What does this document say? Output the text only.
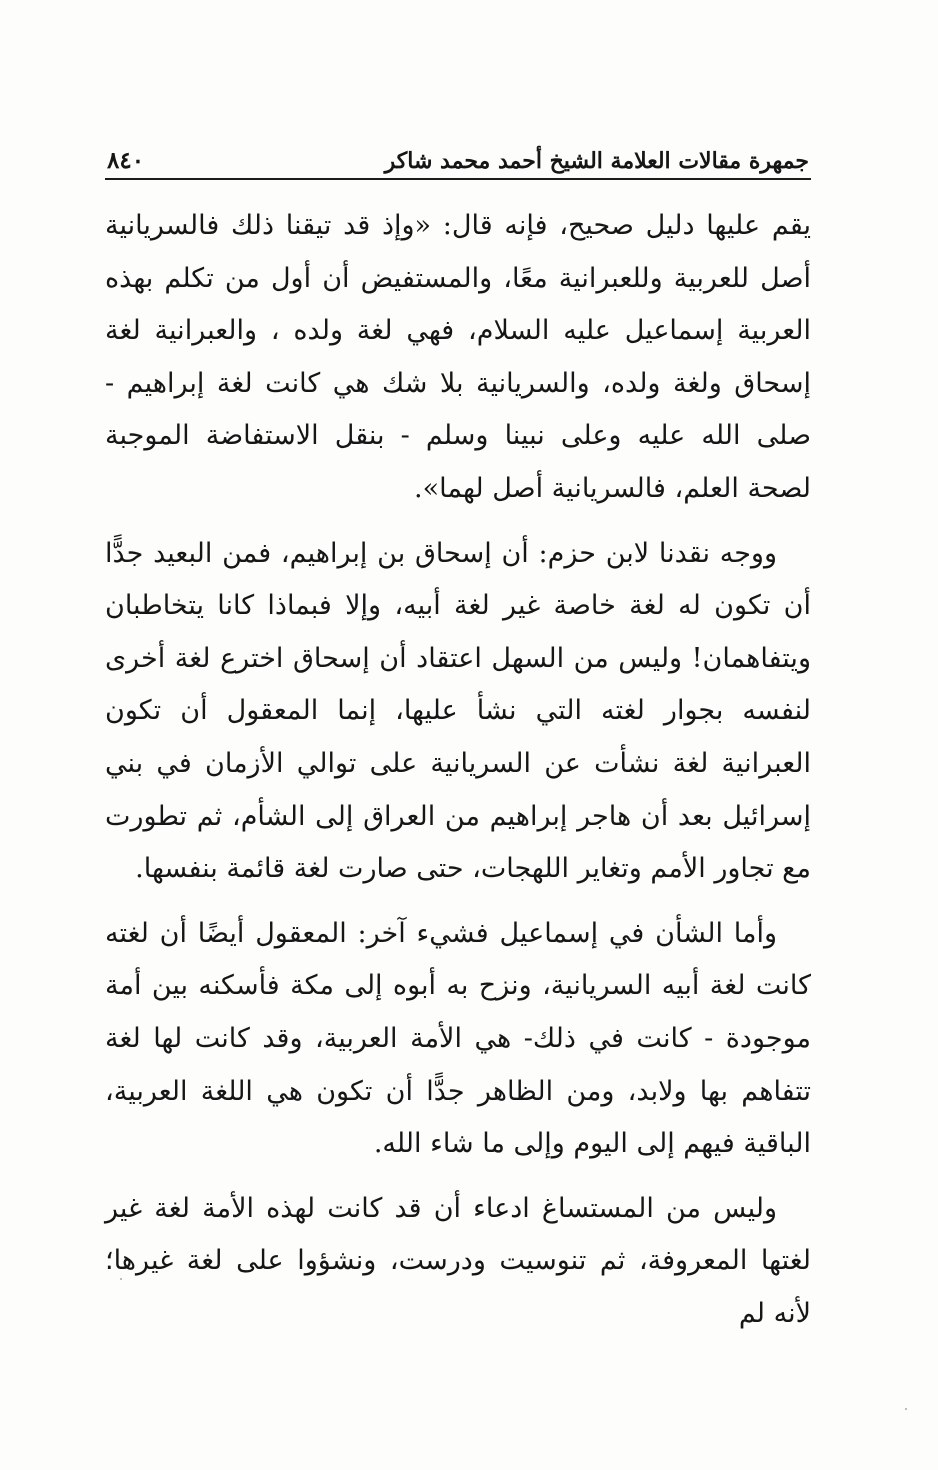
جمهرة مقالات العلامة الشيخ أحمد محمد شاكر
٨٤٠

يقم عليها دليل صحيح، فإنه قال: «وإذ قد تيقنا ذلك فالسريانية أصل للعربية وللعبرانية معًا، والمستفيض أن أول من تكلم بهذه العربية إسماعيل عليه السلام، فهي لغة ولده ، والعبرانية لغة إسحاق ولغة ولده، والسريانية بلا شك هي كانت لغة إبراهيم - صلى الله عليه وعلى نبينا وسلم - بنقل الاستفاضة الموجبة لصحة العلم، فالسريانية أصل لهما».

ووجه نقدنا لابن حزم: أن إسحاق بن إبراهيم، فمن البعيد جدًّا أن تكون له لغة خاصة غير لغة أبيه، وإلا فبماذا كانا يتخاطبان ويتفاهمان! وليس من السهل اعتقاد أن إسحاق اخترع لغة أخرى لنفسه بجوار لغته التي نشأ عليها، إنما المعقول أن تكون العبرانية لغة نشأت عن السريانية على توالي الأزمان في بني إسرائيل بعد أن هاجر إبراهيم من العراق إلى الشأم، ثم تطورت مع تجاور الأمم وتغاير اللهجات، حتى صارت لغة قائمة بنفسها.

وأما الشأن في إسماعيل فشيء آخر: المعقول أيضًا أن لغته كانت لغة أبيه السريانية، ونزح به أبوه إلى مكة فأسكنه بين أمة موجودة - كانت في ذلك- هي الأمة العربية، وقد كانت لها لغة تتفاهم بها ولابد، ومن الظاهر جدًّا أن تكون هي اللغة العربية، الباقية فيهم إلى اليوم وإلى ما شاء الله.

وليس من المستساغ ادعاء أن قد كانت لهذه الأمة لغة غير لغتها المعروفة، ثم تنوسيت ودرست، ونشؤوا على لغة غيرها؛ لأنه لم
